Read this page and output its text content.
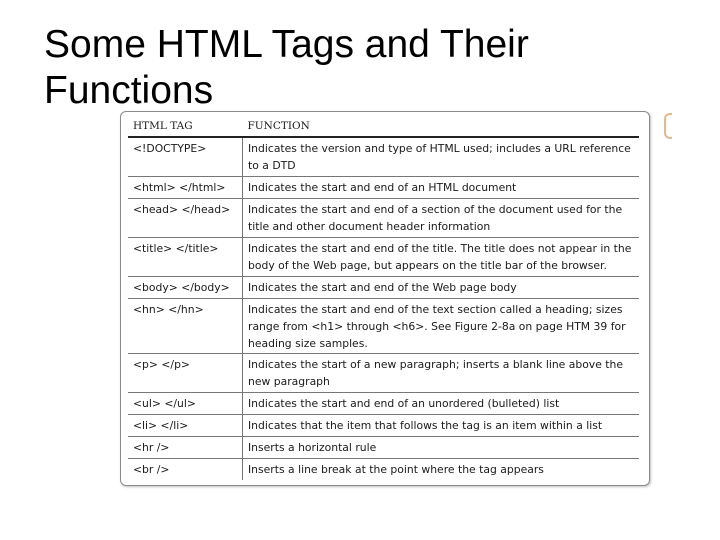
Some HTML Tags and Their Functions
HTML TAG	FUNCTION
<!DOCTYPE>	Indicates the version and type of HTML used; includes a URL reference to a DTD
<html> </html>	Indicates the start and end of an HTML document
<head> </head>	Indicates the start and end of a section of the document used for the title and other document header information
<title> </title>	Indicates the start and end of the title. The title does not appear in the body of the Web page, but appears on the title bar of the browser.
<body> </body>	Indicates the start and end of the Web page body
<hn> </hn>	Indicates the start and end of the text section called a heading; sizes range from <h1> through <h6>. See Figure 2-8a on page HTM 39 for heading size samples.
<p> </p>	Indicates the start of a new paragraph; inserts a blank line above the new paragraph
<ul> </ul>	Indicates the start and end of an unordered (bulleted) list
<li> </li>	Indicates that the item that follows the tag is an item within a list
<hr />	Inserts a horizontal rule
<br />	Inserts a line break at the point where the tag appears
